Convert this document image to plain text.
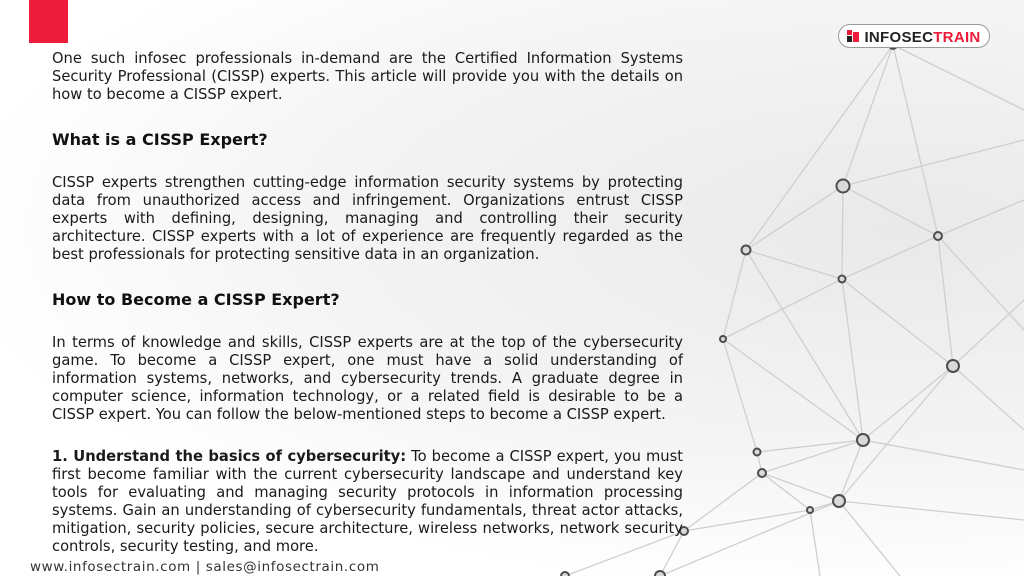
INFOSECTRAIN

One such infosec professionals in-demand are the Certified Information Systems Security Professional (CISSP) experts. This article will provide you with the details on how to become a CISSP expert.

What is a CISSP Expert?

CISSP experts strengthen cutting-edge information security systems by protecting data from unauthorized access and infringement. Organizations entrust CISSP experts with defining, designing, managing and controlling their security architecture. CISSP experts with a lot of experience are frequently regarded as the best professionals for protecting sensitive data in an organization.

How to Become a CISSP Expert?

In terms of knowledge and skills, CISSP experts are at the top of the cybersecurity game. To become a CISSP expert, one must have a solid understanding of information systems, networks, and cybersecurity trends. A graduate degree in computer science, information technology, or a related field is desirable to be a CISSP expert. You can follow the below-mentioned steps to become a CISSP expert.

1. Understand the basics of cybersecurity: To become a CISSP expert, you must first become familiar with the current cybersecurity landscape and understand key tools for evaluating and managing security protocols in information processing systems. Gain an understanding of cybersecurity fundamentals, threat actor attacks, mitigation, security policies, secure architecture, wireless networks, network security controls, security testing, and more.

www.infosectrain.com | sales@infosectrain.com
